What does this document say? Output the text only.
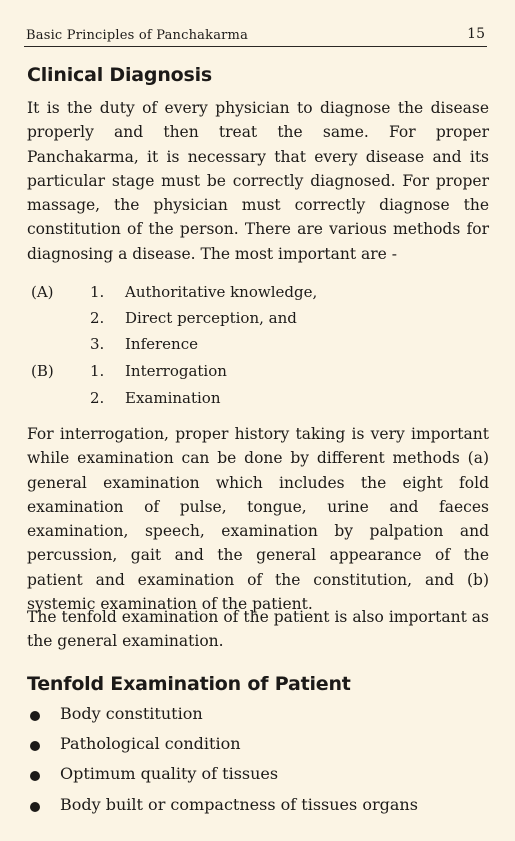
Basic Principles of Panchakarma	15
Clinical Diagnosis

It is the duty of every physician to diagnose the disease properly and then treat the same. For proper Panchakarma, it is necessary that every disease and its particular stage must be correctly diagnosed. For proper massage, the physician must correctly diagnose the constitution of the person. There are various methods for diagnosing a disease. The most important are -

(A) 1. Authoritative knowledge,
2. Direct perception, and
3. Inference
(B) 1. Interrogation
2. Examination

For interrogation, proper history taking is very important while examination can be done by different methods (a) general examination which includes the eight fold examination of pulse, tongue, urine and faeces examination, speech, examination by palpation and percussion, gait and the general appearance of the patient and examination of the constitution, and (b) systemic examination of the patient.

The tenfold examination of the patient is also important as the general examination.

Tenfold Examination of Patient
Body constitution
Pathological condition
Optimum quality of tissues
Body built or compactness of tissues organs
